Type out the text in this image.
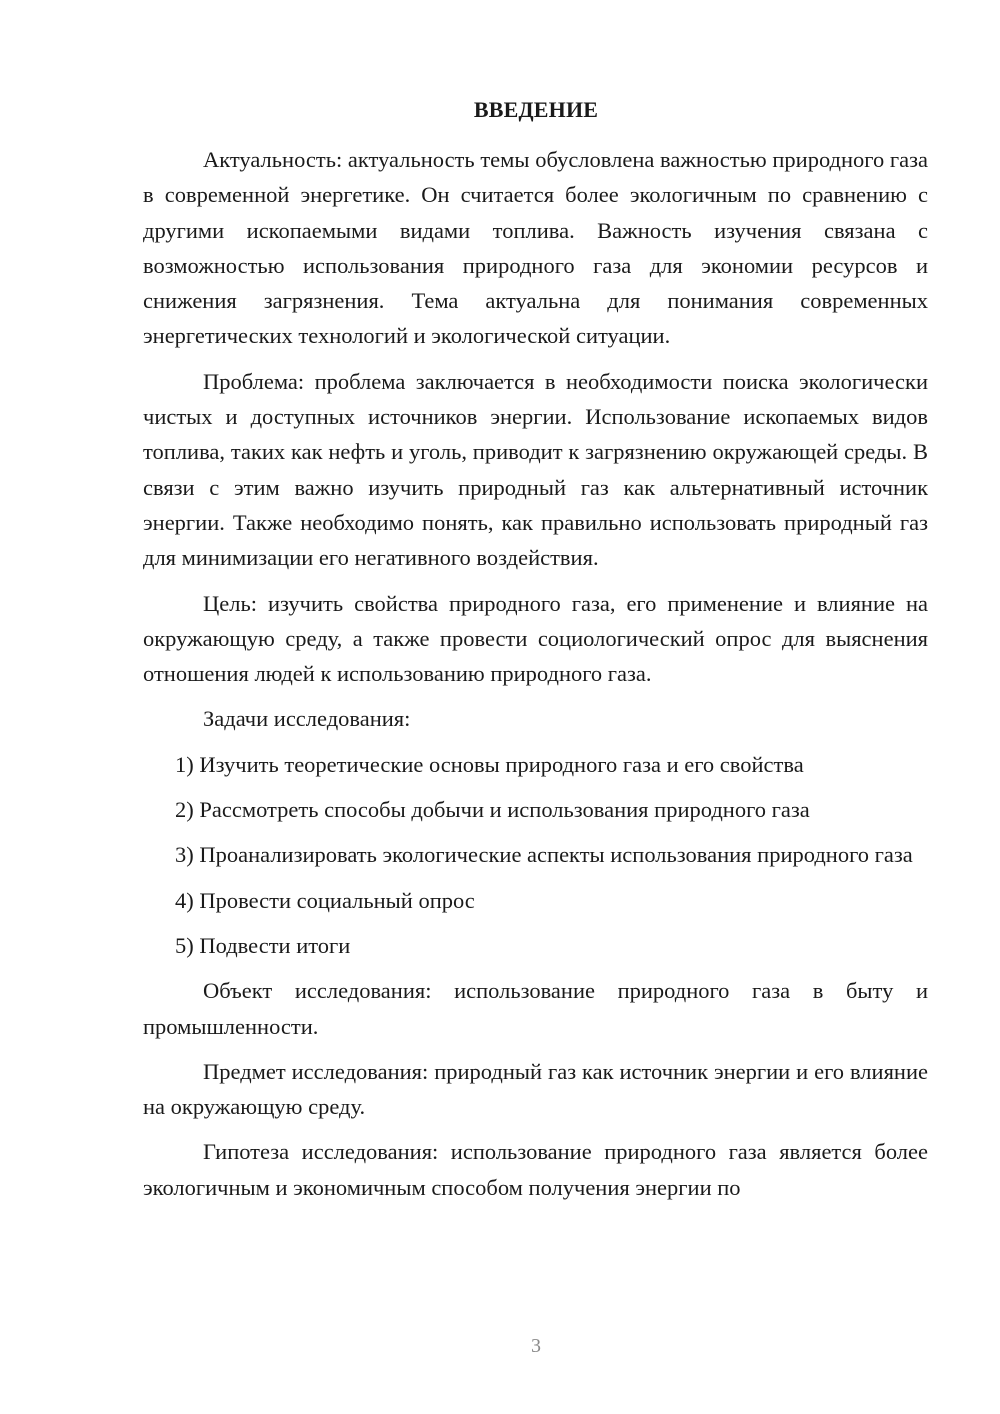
ВВЕДЕНИЕ

Актуальность: актуальность темы обусловлена важностью природного газа в современной энергетике. Он считается более экологичным по сравнению с другими ископаемыми видами топлива. Важность изучения связана с возможностью использования природного газа для экономии ресурсов и снижения загрязнения. Тема актуальна для понимания современных энергетических технологий и экологической ситуации.

Проблема: проблема заключается в необходимости поиска экологически чистых и доступных источников энергии. Использование ископаемых видов топлива, таких как нефть и уголь, приводит к загрязнению окружающей среды. В связи с этим важно изучить природный газ как альтернативный источник энергии. Также необходимо понять, как правильно использовать природный газ для минимизации его негативного воздействия.

Цель: изучить свойства природного газа, его применение и влияние на окружающую среду, а также провести социологический опрос для выяснения отношения людей к использованию природного газа.

Задачи исследования:

1) Изучить теоретические основы природного газа и его свойства

2) Рассмотреть способы добычи и использования природного газа

3) Проанализировать экологические аспекты использования природного газа

4) Провести социальный опрос

5) Подвести итоги

Объект исследования: использование природного газа в быту и промышленности.

Предмет исследования: природный газ как источник энергии и его влияние на окружающую среду.

Гипотеза исследования: использование природного газа является более экологичным и экономичным способом получения энергии по

3
